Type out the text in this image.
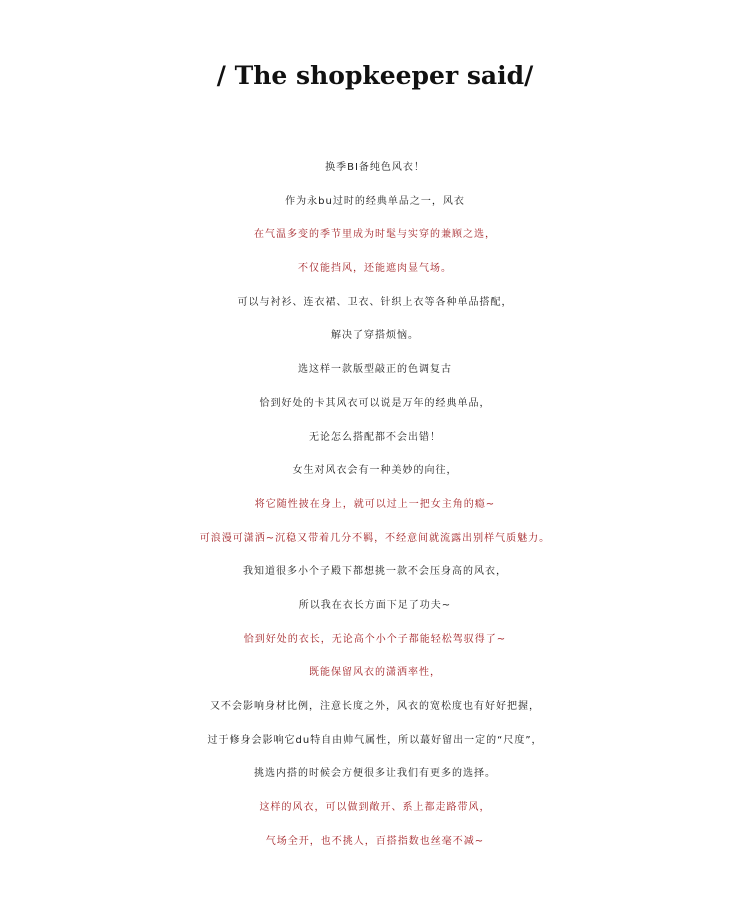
/ The shopkeeper said/
换季BI备纯色风衣！
作为永bu过时的经典单品之一，风衣
在气温多变的季节里成为时髦与实穿的兼顾之选，
不仅能挡风，还能遮肉显气场。
可以与衬衫、连衣裙、卫衣、针织上衣等各种单品搭配，
解决了穿搭烦恼。
选这样一款版型敲正的色调复古
恰到好处的卡其风衣可以说是万年的经典单品，
无论怎么搭配都不会出错！
女生对风衣会有一种美妙的向往，
将它随性披在身上，就可以过上一把女主角的瘾~
可浪漫可潇洒~沉稳又带着几分不羁，不经意间就流露出别样气质魅力。
我知道很多小个子殿下都想挑一款不会压身高的风衣，
所以我在衣长方面下足了功夫~
恰到好处的衣长，无论高个小个子都能轻松驾驭得了~
既能保留风衣的潇洒率性，
又不会影响身材比例，注意长度之外，风衣的宽松度也有好好把握，
过于修身会影响它du特自由帅气属性，所以蕞好留出一定的“尺度”，
挑选内搭的时候会方便很多让我们有更多的选择。
这样的风衣，可以做到敞开、系上都走路带风，
气场全开，也不挑人，百搭指数也丝毫不减~
